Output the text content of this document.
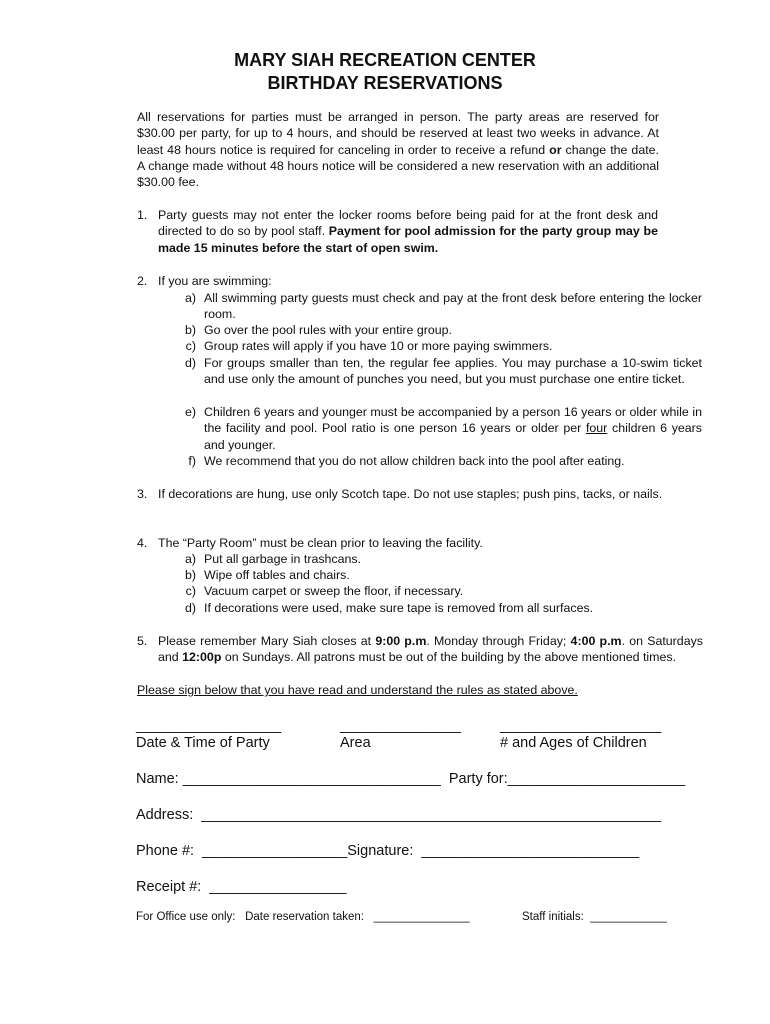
MARY SIAH RECREATION CENTER
BIRTHDAY RESERVATIONS
All reservations for parties must be arranged in person. The party areas are reserved for $30.00 per party, for up to 4 hours, and should be reserved at least two weeks in advance. At least 48 hours notice is required for canceling in order to receive a refund or change the date. A change made without 48 hours notice will be considered a new reservation with an additional $30.00 fee.
1. Party guests may not enter the locker rooms before being paid for at the front desk and directed to do so by pool staff. Payment for pool admission for the party group may be made 15 minutes before the start of open swim.
2. If you are swimming:
a) All swimming party guests must check and pay at the front desk before entering the locker room.
b) Go over the pool rules with your entire group.
c) Group rates will apply if you have 10 or more paying swimmers.
d) For groups smaller than ten, the regular fee applies. You may purchase a 10-swim ticket and use only the amount of punches you need, but you must purchase one entire ticket.
e) Children 6 years and younger must be accompanied by a person 16 years or older while in the facility and pool. Pool ratio is one person 16 years or older per four children 6 years and younger.
f) We recommend that you do not allow children back into the pool after eating.
3. If decorations are hung, use only Scotch tape. Do not use staples; push pins, tacks, or nails.
4. The “Party Room” must be clean prior to leaving the facility.
a) Put all garbage in trashcans.
b) Wipe off tables and chairs.
c) Vacuum carpet or sweep the floor, if necessary.
d) If decorations were used, make sure tape is removed from all surfaces.
5. Please remember Mary Siah closes at 9:00 p.m. Monday through Friday; 4:00 p.m. on Saturdays and 12:00p on Sundays. All patrons must be out of the building by the above mentioned times.
Please sign below that you have read and understand the rules as stated above.
__________________	_______________	____________________
Date & Time of Party	Area	# and Ages of Children
Name: ________________________________  Party for:______________________
Address:  _________________________________________________________
Phone #:  __________________Signature:  ___________________________
Receipt #:  _________________
For Office use only:   Date reservation taken:   _______________	Staff initials:  ____________
